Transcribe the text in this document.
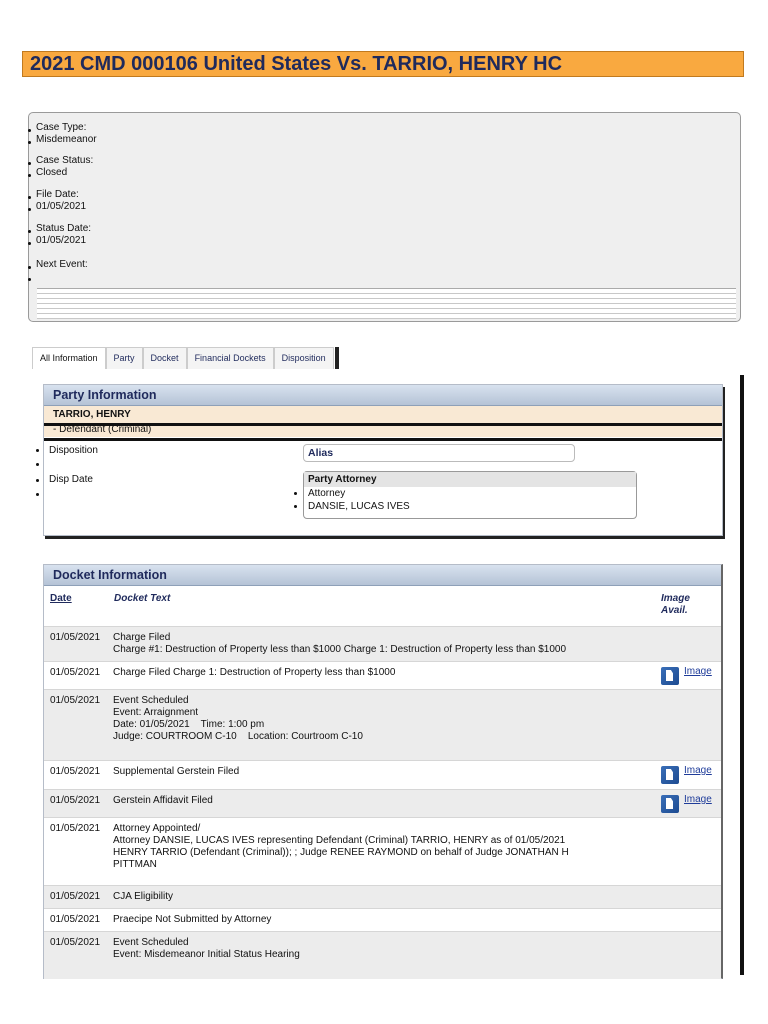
2021 CMD 000106 United States Vs. TARRIO, HENRY HC
Case Type:
Misdemeanor
Case Status:
Closed
File Date:
01/05/2021
Status Date:
01/05/2021
Next Event:
All Information	Party	Docket	Financial Dockets	Disposition
Party Information
TARRIO, HENRY
- Defendant (Criminal)
Disposition
Disp Date
Alias
Party Attorney
Attorney
DANSIE, LUCAS IVES
Docket Information
Date	Docket Text	Image Avail.
01/05/2021 Charge Filed
Charge #1: Destruction of Property less than $1000 Charge 1: Destruction of Property less than $1000
01/05/2021 Charge Filed Charge 1: Destruction of Property less than $1000	Image
01/05/2021 Event Scheduled
Event: Arraignment
Date: 01/05/2021    Time: 1:00 pm
Judge: COURTROOM C-10    Location: Courtroom C-10
01/05/2021 Supplemental Gerstein Filed	Image
01/05/2021 Gerstein Affidavit Filed	Image
01/05/2021 Attorney Appointed/
Attorney DANSIE, LUCAS IVES representing Defendant (Criminal) TARRIO, HENRY as of 01/05/2021
HENRY TARRIO (Defendant (Criminal)); ; Judge RENEE RAYMOND on behalf of Judge JONATHAN H
PITTMAN
01/05/2021 CJA Eligibility
01/05/2021 Praecipe Not Submitted by Attorney
01/05/2021 Event Scheduled
Event: Misdemeanor Initial Status Hearing
